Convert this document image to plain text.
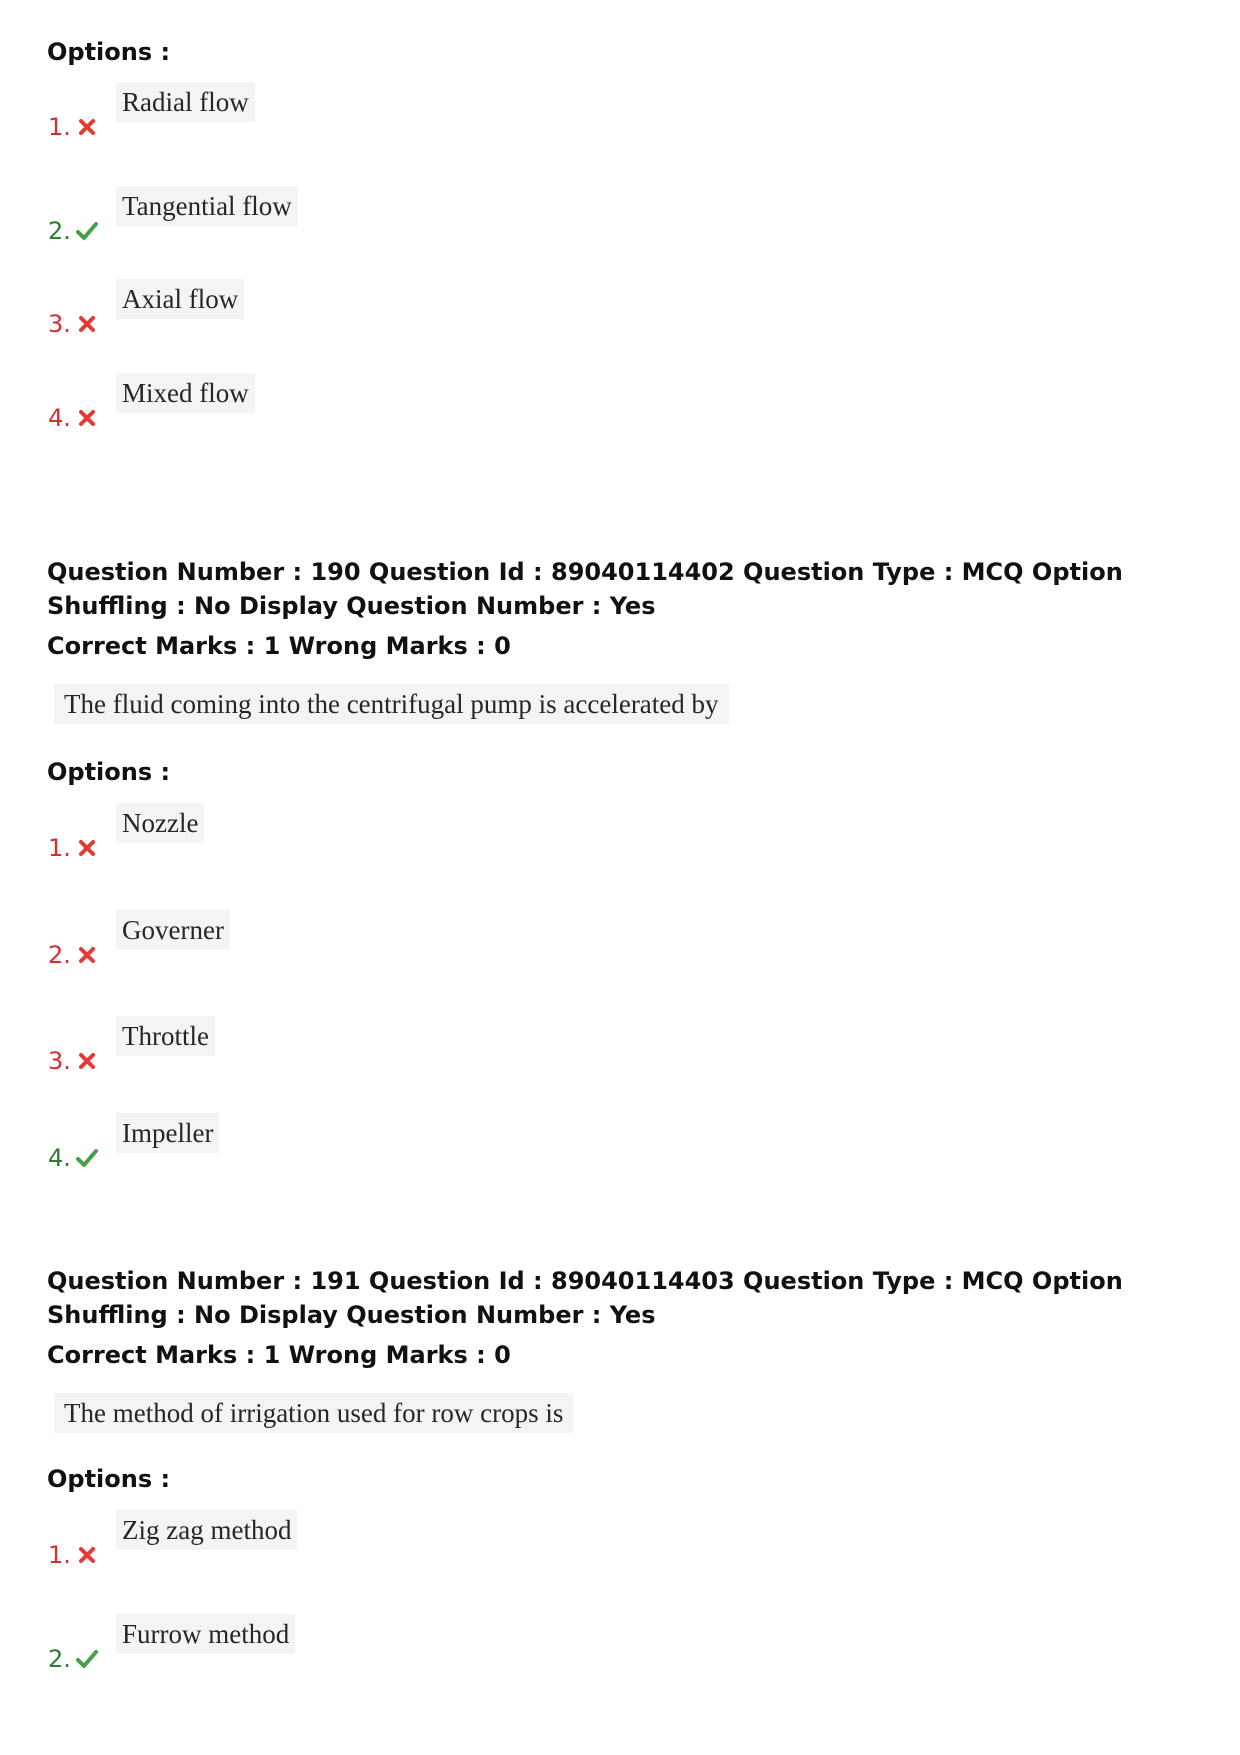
Options :
1.
Radial flow
2.
Tangential flow
3.
Axial flow
4.
Mixed flow

Question Number : 190 Question Id : 89040114402 Question Type : MCQ Option Shuffling : No Display Question Number : Yes

Correct Marks : 1 Wrong Marks : 0

The fluid coming into the centrifugal pump is accelerated by
Options :
1.
Nozzle
2.
Governer
3.
Throttle
4.
Impeller

Question Number : 191 Question Id : 89040114403 Question Type : MCQ Option Shuffling : No Display Question Number : Yes

Correct Marks : 1 Wrong Marks : 0

The method of irrigation used for row crops is
Options :
1.
Zig zag method
2.
Furrow method
